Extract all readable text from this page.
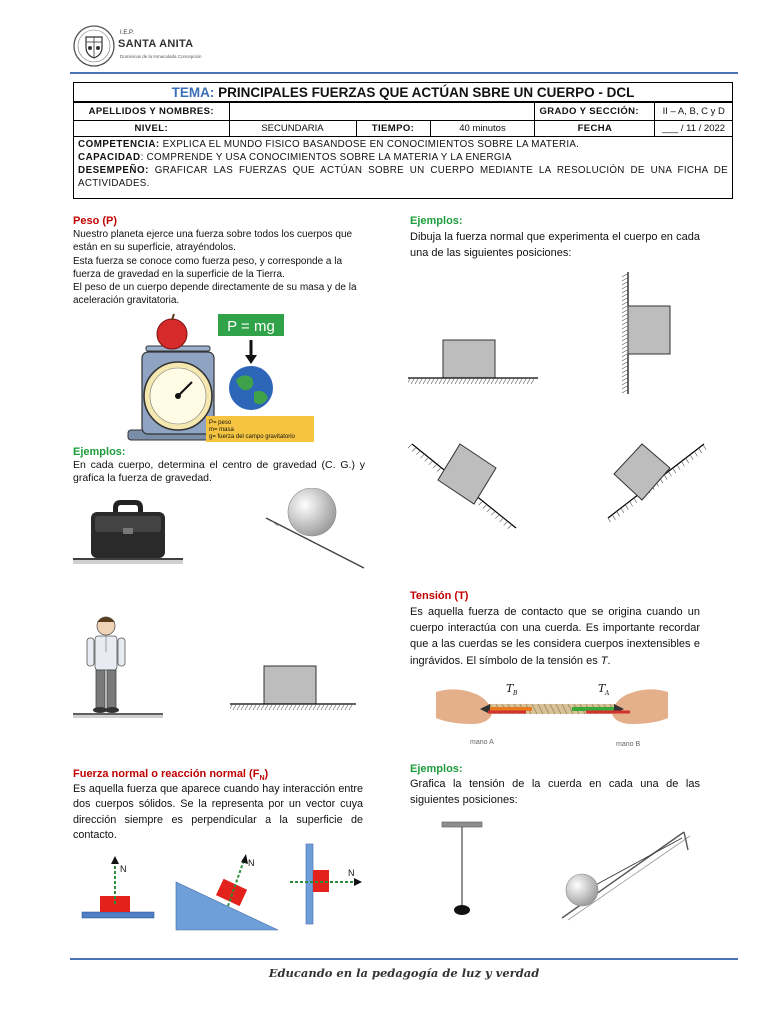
I.E.P.
SANTA ANITA
Dominicas de la Inmaculada Concepción
TEMA: PRINCIPALES FUERZAS QUE ACTÚAN SBRE UN CUERPO - DCL
APELLIDOS Y NOMBRES:				GRADO Y SECCIÓN:	II – A, B, C y D
NIVEL:	SECUNDARIA	TIEMPO:	40 minutos	FECHA	___ / 11 / 2022
COMPETENCIA: EXPLICA EL MUNDO FISICO BASANDOSE EN CONOCIMIENTOS SOBRE LA MATERIA.
CAPACIDAD: COMPRENDE Y USA CONOCIMIENTOS SOBRE LA MATERIA Y LA ENERGIA
DESEMPEÑO: GRAFICAR LAS FUERZAS QUE ACTÚAN SOBRE UN CUERPO MEDIANTE LA RESOLUCIÓN DE UNA FICHA DE ACTIVIDADES.
Peso (P)
Nuestro planeta ejerce una fuerza sobre todos los cuerpos que están en su superficie, atrayéndolos.
Esta fuerza se conoce como fuerza peso, y corresponde a la fuerza de gravedad en la superficie de la Tierra.
El peso de un cuerpo depende directamente de su masa y de la aceleración gravitatoria.
P = mg
P= peso
m= masa
g= fuerza del campo gravitatorio
Ejemplos:
En cada cuerpo, determina el centro de gravedad (C. G.) y grafica la fuerza de gravedad.
Fuerza normal o reacción normal $(F_N)$
Es aquella fuerza que aparece cuando hay interacción entre dos cuerpos sólidos. Se la representa por un vector cuya dirección siempre es perpendicular a la superficie de contacto.
N
N
N
Ejemplos:
Dibuja la fuerza normal que experimenta el cuerpo en cada una de las siguientes posiciones:
Tensión (T)
Es aquella fuerza de contacto que se origina cuando un cuerpo interactúa con una cuerda. Es importante recordar que a las cuerdas se les considera cuerpos inextensibles e ingrávidos. El símbolo de la tensión es T.
T B	T A
mano A	mano B
Ejemplos:
Grafica la tensión de la cuerda en cada una de las siguientes posiciones:
Educando en la pedagogía de luz y verdad
